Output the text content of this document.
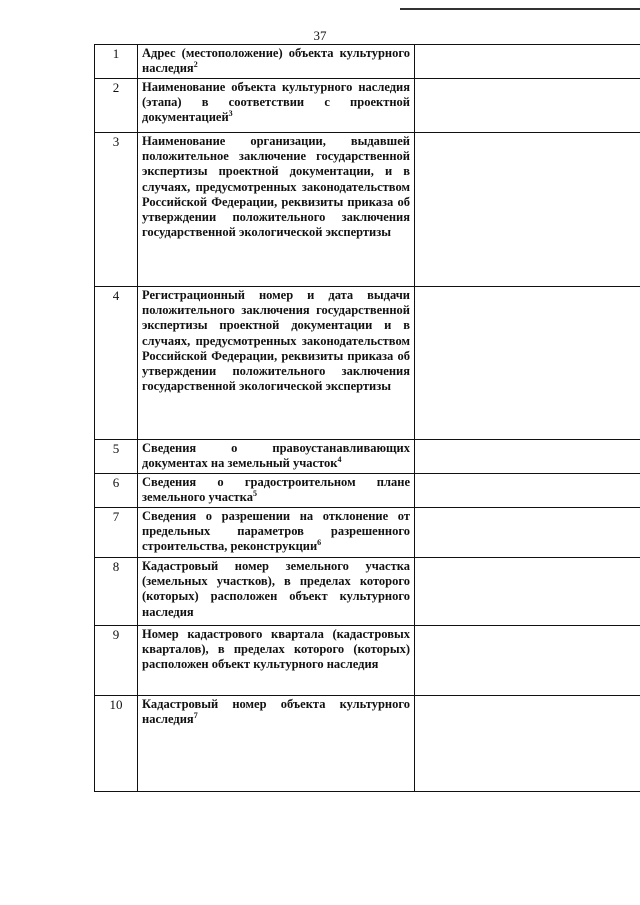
37
1	Адрес (местоположение) объекта культурного наследия$^2$	
2	Наименование объекта культурного наследия (этапа) в соответствии с проектной документацией$^3$	
3	Наименование организации, выдавшей положительное заключение государственной экспертизы проектной документации, и в случаях, предусмотренных законодательством Российской Федерации, реквизиты приказа об утверждении положительного заключения государственной экологической экспертизы	
4	Регистрационный номер и дата выдачи положительного заключения государственной экспертизы проектной документации и в случаях, предусмотренных законодательством Российской Федерации, реквизиты приказа об утверждении положительного заключения государственной экологической экспертизы	
5	Сведения о правоустанавливающих документах на земельный участок$^4$	
6	Сведения о градостроительном плане земельного участка$^5$	
7	Сведения о разрешении на отклонение от предельных параметров разрешенного строительства, реконструкции$^6$	
8	Кадастровый номер земельного участка (земельных участков), в пределах которого (которых) расположен объект культурного наследия	
9	Номер кадастрового квартала (кадастровых кварталов), в пределах которого (которых) расположен объект культурного наследия	
10	Кадастровый номер объекта культурного наследия$^7$	
